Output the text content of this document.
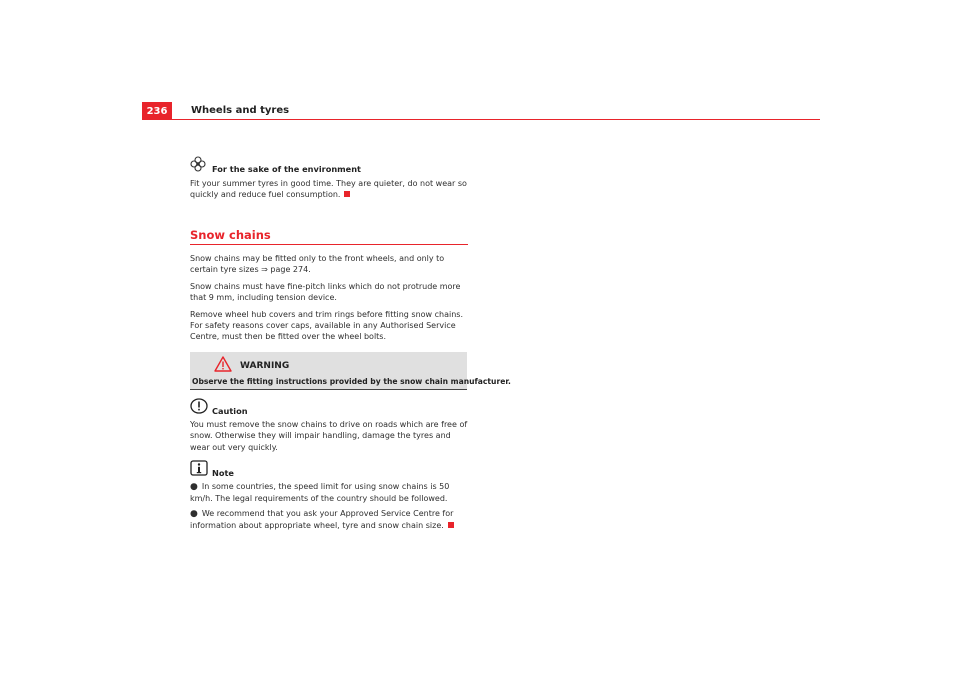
236	Wheels and tyres
For the sake of the environment

Fit your summer tyres in good time. They are quieter, do not wear so quickly and reduce fuel consumption.

Snow chains

Snow chains may be fitted only to the front wheels, and only to certain tyre sizes ⇒ page 274.

Snow chains must have fine-pitch links which do not protrude more that 9 mm, including tension device.

Remove wheel hub covers and trim rings before fitting snow chains. For safety reasons cover caps, available in any Authorised Service Centre, must then be fitted over the wheel bolts.

WARNING
Observe the fitting instructions provided by the snow chain manufacturer.
Caution

You must remove the snow chains to drive on roads which are free of snow. Otherwise they will impair handling, damage the tyres and wear out very quickly.

Note

● In some countries, the speed limit for using snow chains is 50 km/h. The legal requirements of the country should be followed.

● We recommend that you ask your Approved Service Centre for information about appropriate wheel, tyre and snow chain size.
